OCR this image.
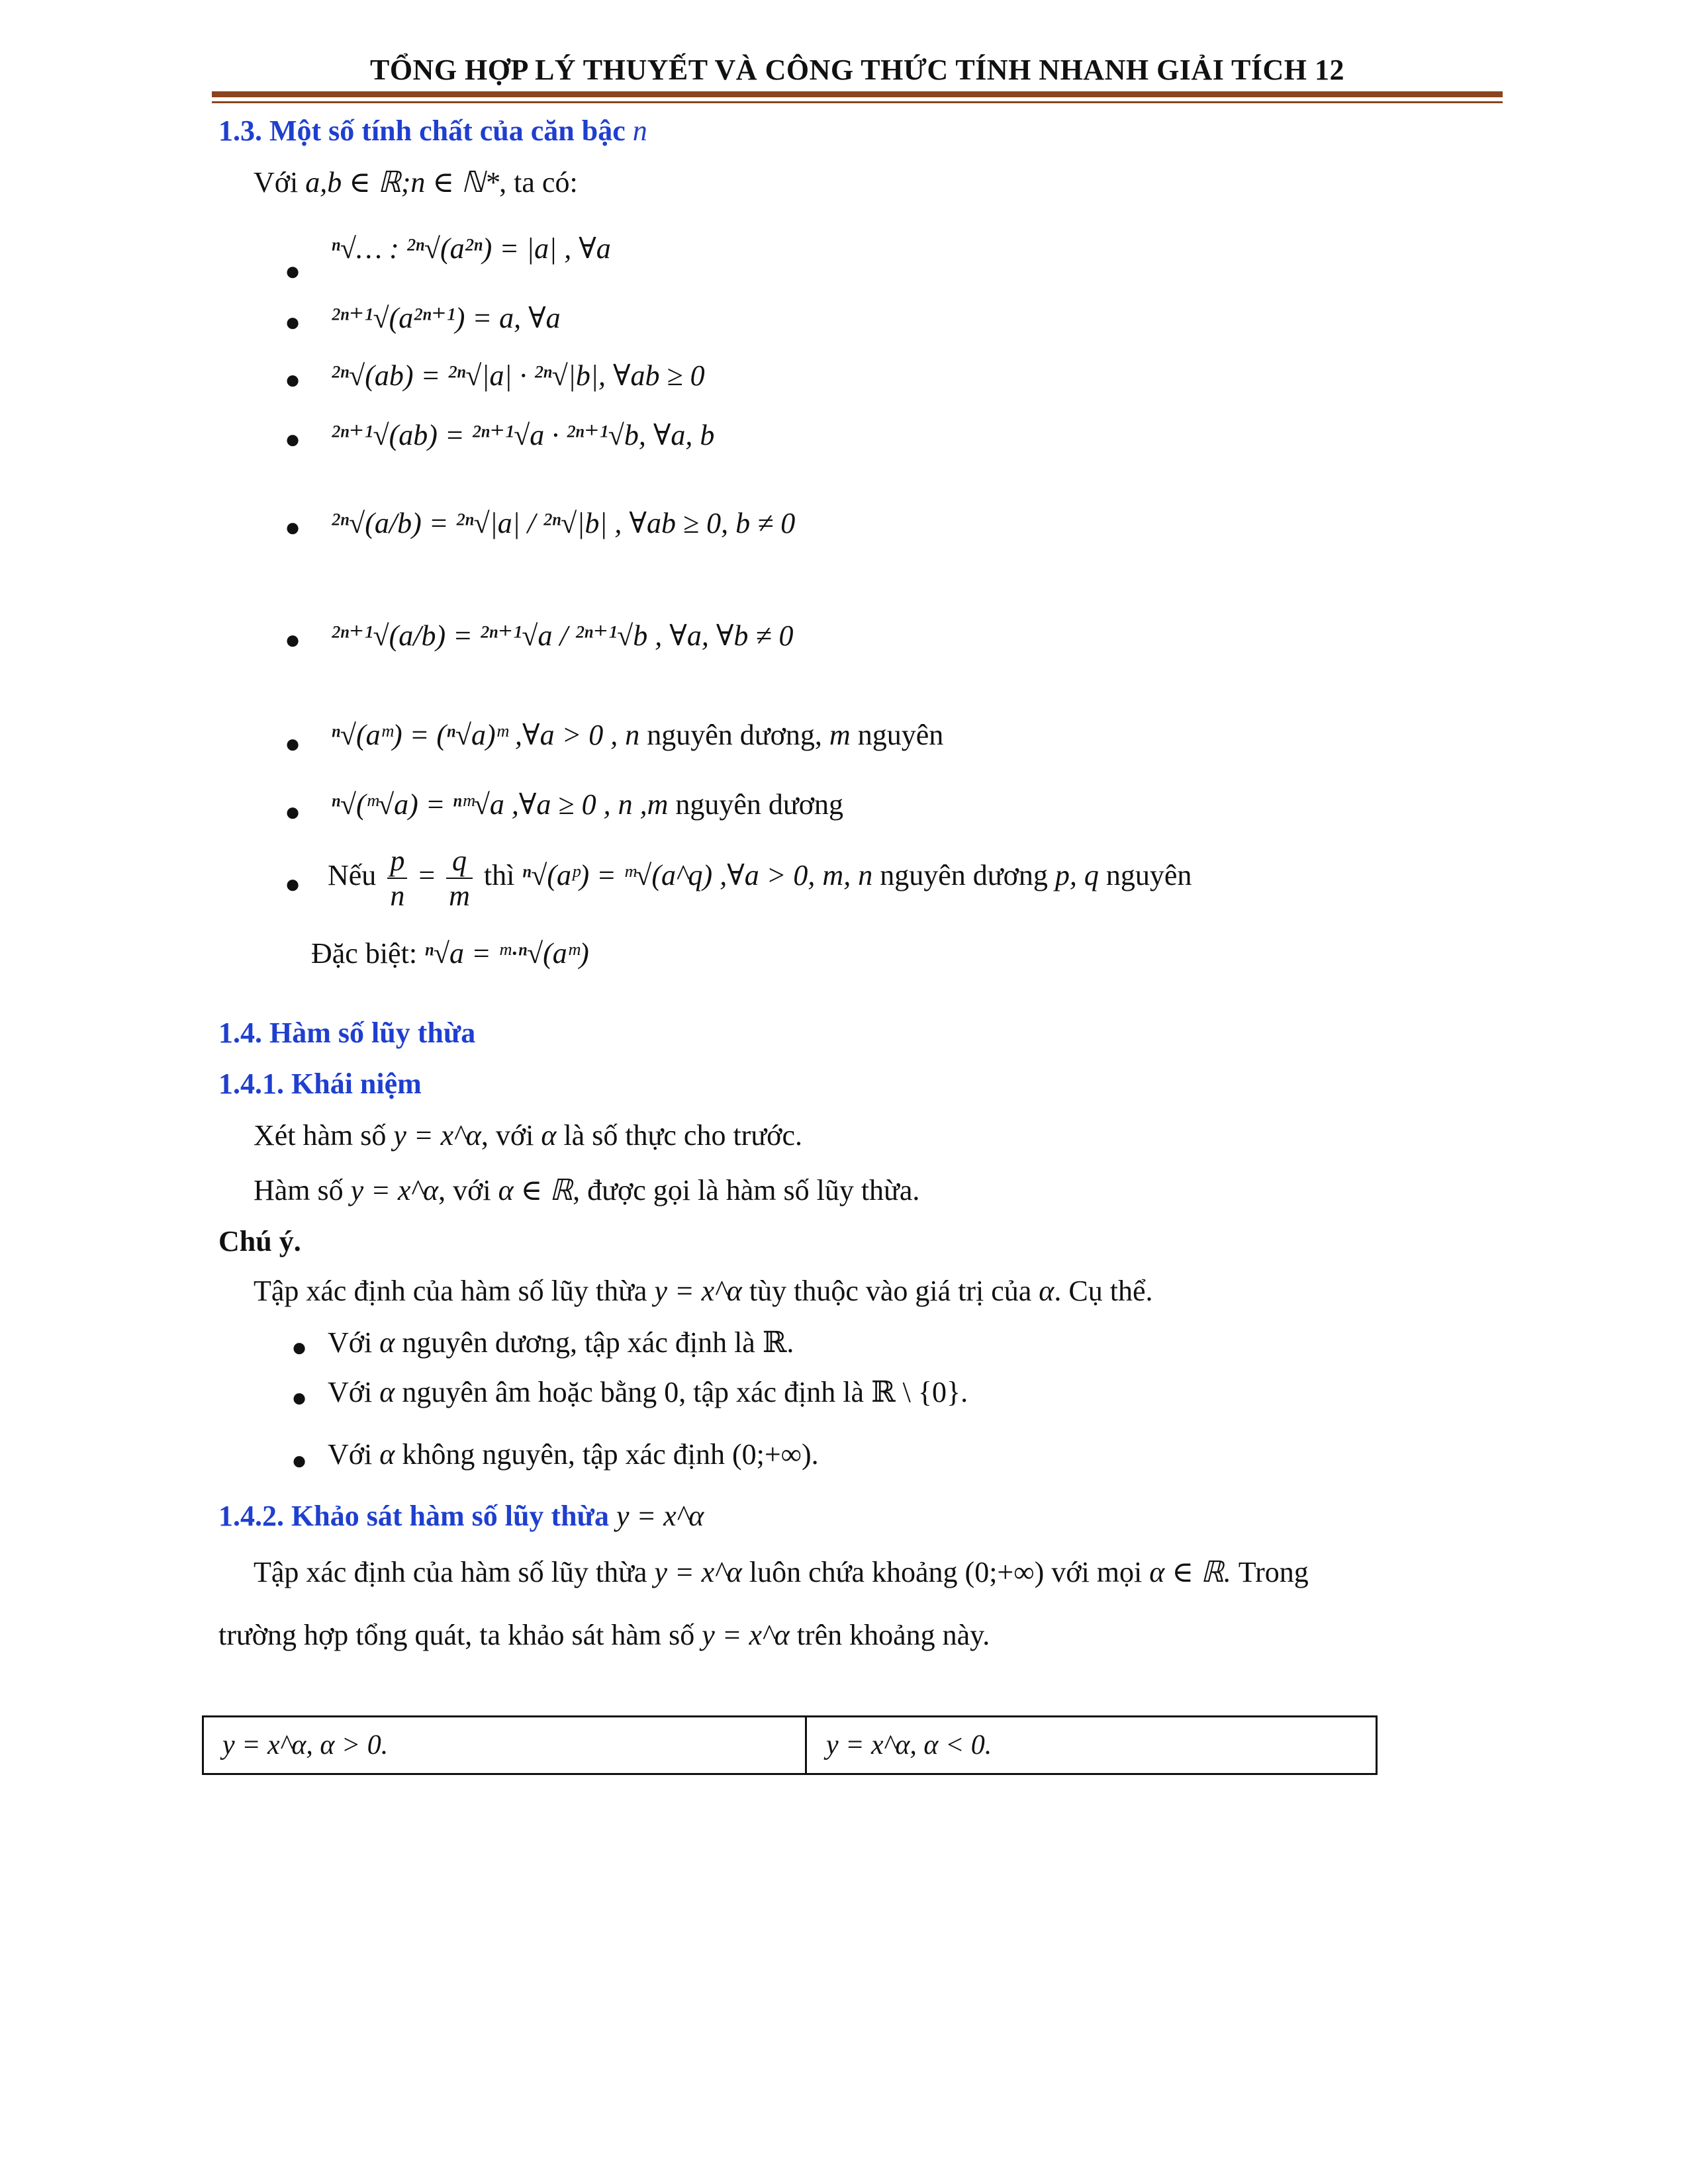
TỔNG HỢP LÝ THUYẾT VÀ CÔNG THỨC TÍNH NHANH GIẢI TÍCH 12
1.3. Một số tính chất của căn bậc n
Với a,b ∈ ℝ;n ∈ ℕ*, ta có:
●
ⁿ√… : ²ⁿ√(a²ⁿ) = |a| , ∀a
● ²ⁿ⁺¹√(a²ⁿ⁺¹) = a, ∀a
● ²ⁿ√(ab) = ²ⁿ√|a| · ²ⁿ√|b|, ∀ab ≥ 0
● ²ⁿ⁺¹√(ab) = ²ⁿ⁺¹√a · ²ⁿ⁺¹√b, ∀a, b
● ²ⁿ√(a/b) = ²ⁿ√|a| / ²ⁿ√|b| , ∀ab ≥ 0, b ≠ 0
● ²ⁿ⁺¹√(a/b) = ²ⁿ⁺¹√a / ²ⁿ⁺¹√b , ∀a, ∀b ≠ 0
● ⁿ√(aᵐ) = (ⁿ√a)ᵐ ,∀a > 0 , n nguyên dương, m nguyên
● ⁿ√(ᵐ√a) = ⁿᵐ√a ,∀a ≥ 0 , n ,m nguyên dương
● Nếu $\frac{p}{n} = \frac{q}{m}$ thì ⁿ√(aᵖ) = ᵐ√(a^q) ,∀a > 0, m, n nguyên dương p, q nguyên
Đặc biệt: ⁿ√a = ᵐ·ⁿ√(aᵐ)
1.4. Hàm số lũy thừa
1.4.1. Khái niệm
Xét hàm số y = x^α, với α là số thực cho trước.
Hàm số y = x^α, với α ∈ ℝ, được gọi là hàm số lũy thừa.
Chú ý.
Tập xác định của hàm số lũy thừa y = x^α tùy thuộc vào giá trị của α. Cụ thể.
● Với α nguyên dương, tập xác định là ℝ.
● Với α nguyên âm hoặc bằng 0, tập xác định là ℝ \ {0}.
● Với α không nguyên, tập xác định (0;+∞).
1.4.2. Khảo sát hàm số lũy thừa y = x^α
Tập xác định của hàm số lũy thừa y = x^α luôn chứa khoảng (0;+∞) với mọi α ∈ ℝ. Trong
trường hợp tổng quát, ta khảo sát hàm số y = x^α trên khoảng này.
y = x^α, α > 0.	y = x^α, α < 0.
